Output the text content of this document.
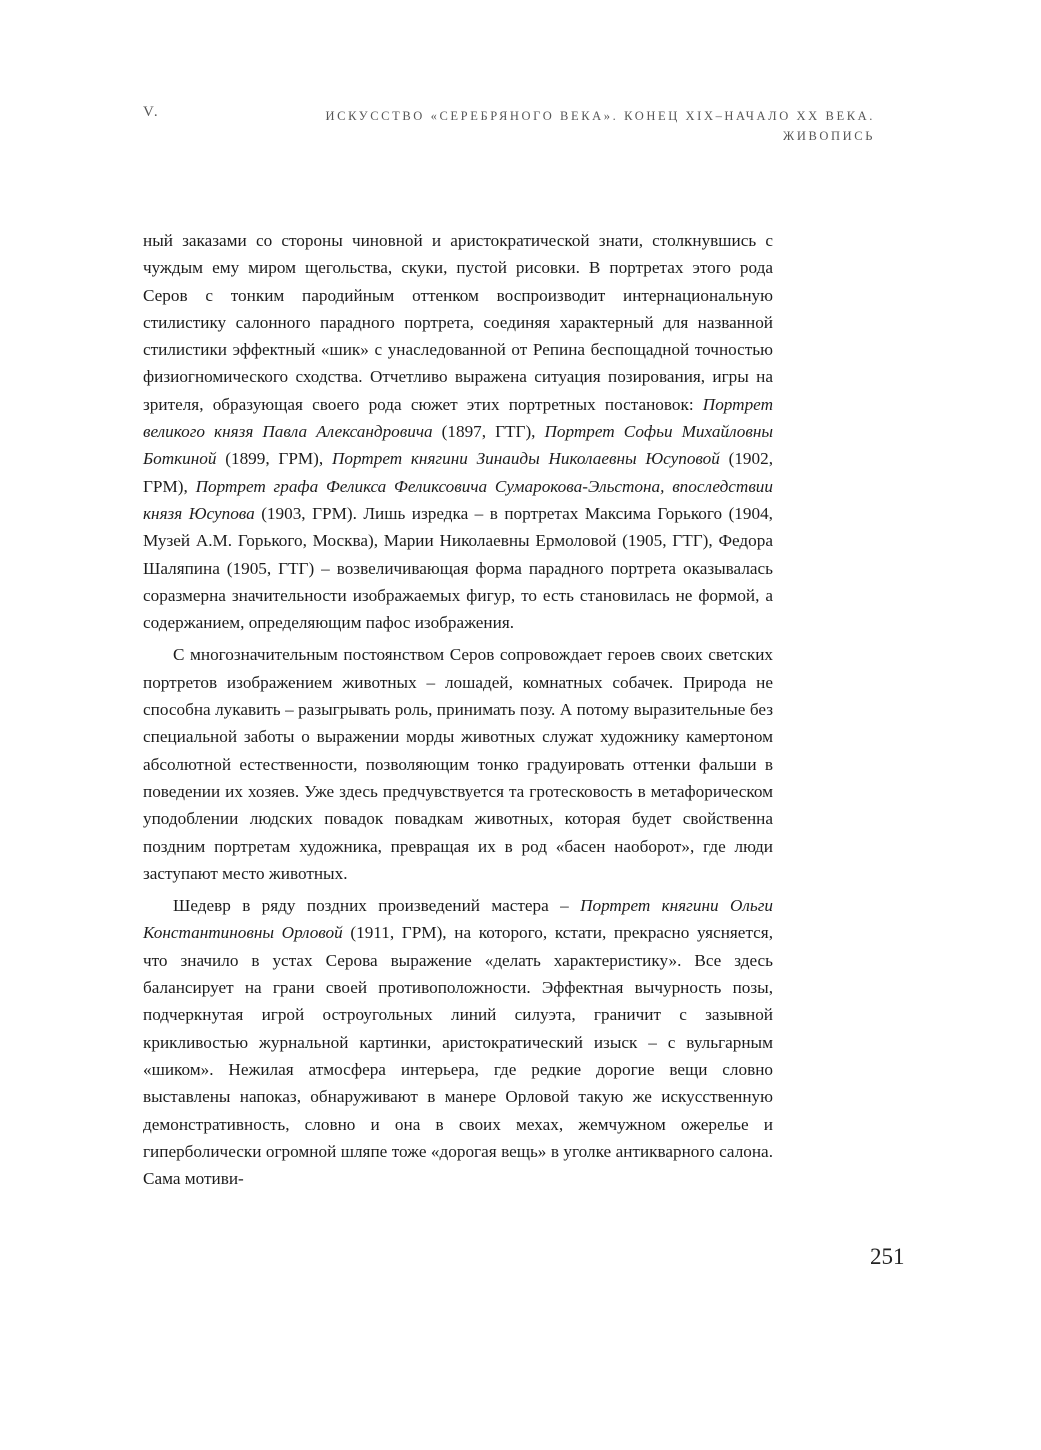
V.	ИСКУССТВО «СЕРЕБРЯНОГО ВЕКА». КОНЕЦ XIX–НАЧАЛО XX ВЕКА.
ЖИВОПИСЬ

ный заказами со стороны чиновной и аристократической знати, столкнувшись с чуждым ему миром щегольства, скуки, пустой рисовки. В портретах этого рода Серов с тонким пародийным оттенком воспроизводит интернациональную стилистику салонного парадного портрета, соединяя характерный для названной стилистики эффектный «шик» с унаследованной от Репина беспощадной точностью физиогномического сходства. Отчетливо выражена ситуация позирования, игры на зрителя, образующая своего рода сюжет этих портретных постановок: Портрет великого князя Павла Александровича (1897, ГТГ), Портрет Софьи Михайловны Боткиной (1899, ГРМ), Портрет княгини Зинаиды Николаевны Юсуповой (1902, ГРМ), Портрет графа Феликса Феликсовича Сумарокова-Эльстона, впоследствии князя Юсупова (1903, ГРМ). Лишь изредка – в портретах Максима Горького (1904, Музей А.М. Горького, Москва), Марии Николаевны Ермоловой (1905, ГТГ), Федора Шаляпина (1905, ГТГ) – возвеличивающая форма парадного портрета оказывалась соразмерна значительности изображаемых фигур, то есть становилась не формой, а содержанием, определяющим пафос изображения.

С многозначительным постоянством Серов сопровождает героев своих светских портретов изображением животных – лошадей, комнатных собачек. Природа не способна лукавить – разыгрывать роль, принимать позу. А потому выразительные без специальной заботы о выражении морды животных служат художнику камертоном абсолютной естественности, позволяющим тонко градуировать оттенки фальши в поведении их хозяев. Уже здесь предчувствуется та гротесковость в метафорическом уподоблении людских повадок повадкам животных, которая будет свойственна поздним портретам художника, превращая их в род «басен наоборот», где люди заступают место животных.

Шедевр в ряду поздних произведений мастера – Портрет княгини Ольги Константиновны Орловой (1911, ГРМ), на которого, кстати, прекрасно уясняется, что значило в устах Серова выражение «делать характеристику». Все здесь балансирует на грани своей противоположности. Эффектная вычурность позы, подчеркнутая игрой остроугольных линий силуэта, граничит с зазывной крикливостью журнальной картинки, аристократический изыск – с вульгарным «шиком». Нежилая атмосфера интерьера, где редкие дорогие вещи словно выставлены напоказ, обнаруживают в манере Орловой такую же искусственную демонстративность, словно и она в своих мехах, жемчужном ожерелье и гиперболически огромной шляпе тоже «дорогая вещь» в уголке антикварного салона. Сама мотиви-

251
